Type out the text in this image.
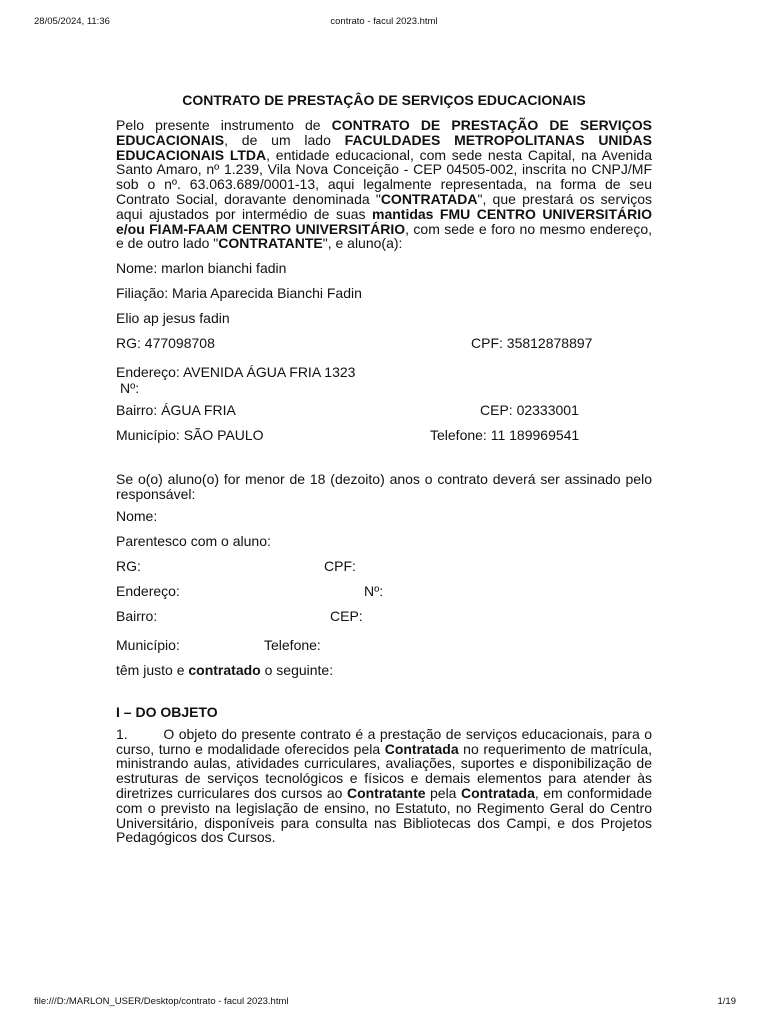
28/05/2024, 11:36	contrato - facul 2023.html
CONTRATO DE PRESTAÇÂO DE SERVIÇOS EDUCACIONAIS

Pelo presente instrumento de CONTRATO DE PRESTAÇÃO DE SERVIÇOS EDUCACIONAIS, de um lado FACULDADES METROPOLITANAS UNIDAS EDUCACIONAIS LTDA, entidade educacional, com sede nesta Capital, na Avenida Santo Amaro, nº 1.239, Vila Nova Conceição - CEP 04505-002, inscrita no CNPJ/MF sob o nº. 63.063.689/0001-13, aqui legalmente representada, na forma de seu Contrato Social, doravante denominada "CONTRATADA", que prestará os serviços aqui ajustados por intermédio de suas mantidas FMU CENTRO UNIVERSITÁRIO e/ou FIAM-FAAM CENTRO UNIVERSITÁRIO, com sede e foro no mesmo endereço, e de outro lado "CONTRATANTE", e aluno(a):

Nome: marlon bianchi fadin
Filiação: Maria Aparecida Bianchi Fadin
Elio ap jesus fadin
RG: 477098708	CPF: 35812878897
Endereço: AVENIDA ÁGUA FRIA 1323
Nº:
Bairro: ÁGUA FRIA	CEP: 02333001
Município: SÃO PAULO	Telefone: 11 189969541

Se o(o) aluno(o) for menor de 18 (dezoito) anos o contrato deverá ser assinado pelo responsável:

Nome:
Parentesco com o aluno:
RG:	CPF:
Endereço:	Nº:
Bairro:	CEP:
Município:	Telefone:
têm justo e contratado o seguinte:
I – DO OBJETO

1.        O objeto do presente contrato é a prestação de serviços educacionais, para o curso, turno e modalidade oferecidos pela Contratada no requerimento de matrícula, ministrando aulas, atividades curriculares, avaliações, suportes e disponibilização de estruturas de serviços tecnológicos e físicos e demais elementos para atender às diretrizes curriculares dos cursos ao Contratante pela Contratada, em conformidade com o previsto na legislação de ensino, no Estatuto, no Regimento Geral do Centro Universitário, disponíveis para consulta nas Bibliotecas dos Campi, e dos Projetos Pedagógicos dos Cursos.

file:///D:/MARLON_USER/Desktop/contrato - facul 2023.html	1/19
